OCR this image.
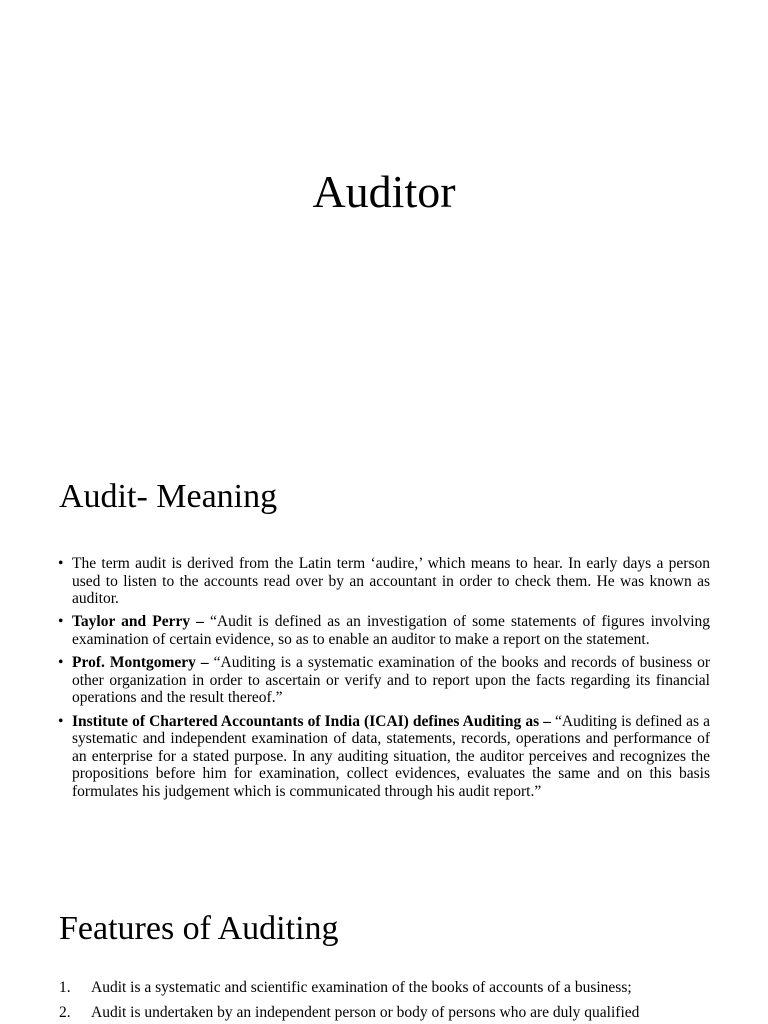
Auditor
Audit- Meaning
• The term audit is derived from the Latin term ‘audire,’ which means to hear. In early days a person used to listen to the accounts read over by an accountant in order to check them. He was known as auditor.
• Taylor and Perry – “Audit is defined as an investigation of some statements of figures involving examination of certain evidence, so as to enable an auditor to make a report on the statement.
• Prof. Montgomery – “Auditing is a systematic examination of the books and records of business or other organization in order to ascertain or verify and to report upon the facts regarding its financial operations and the result thereof.”
• Institute of Chartered Accountants of India (ICAI) defines Auditing as – “Auditing is defined as a systematic and independent examination of data, statements, records, operations and performance of an enterprise for a stated purpose. In any auditing situation, the auditor perceives and recognizes the propositions before him for examination, collect evidences, evaluates the same and on this basis formulates his judgement which is communicated through his audit report.”
Features of Auditing
1. Audit is a systematic and scientific examination of the books of accounts of a business;
2. Audit is undertaken by an independent person or body of persons who are duly qualified
